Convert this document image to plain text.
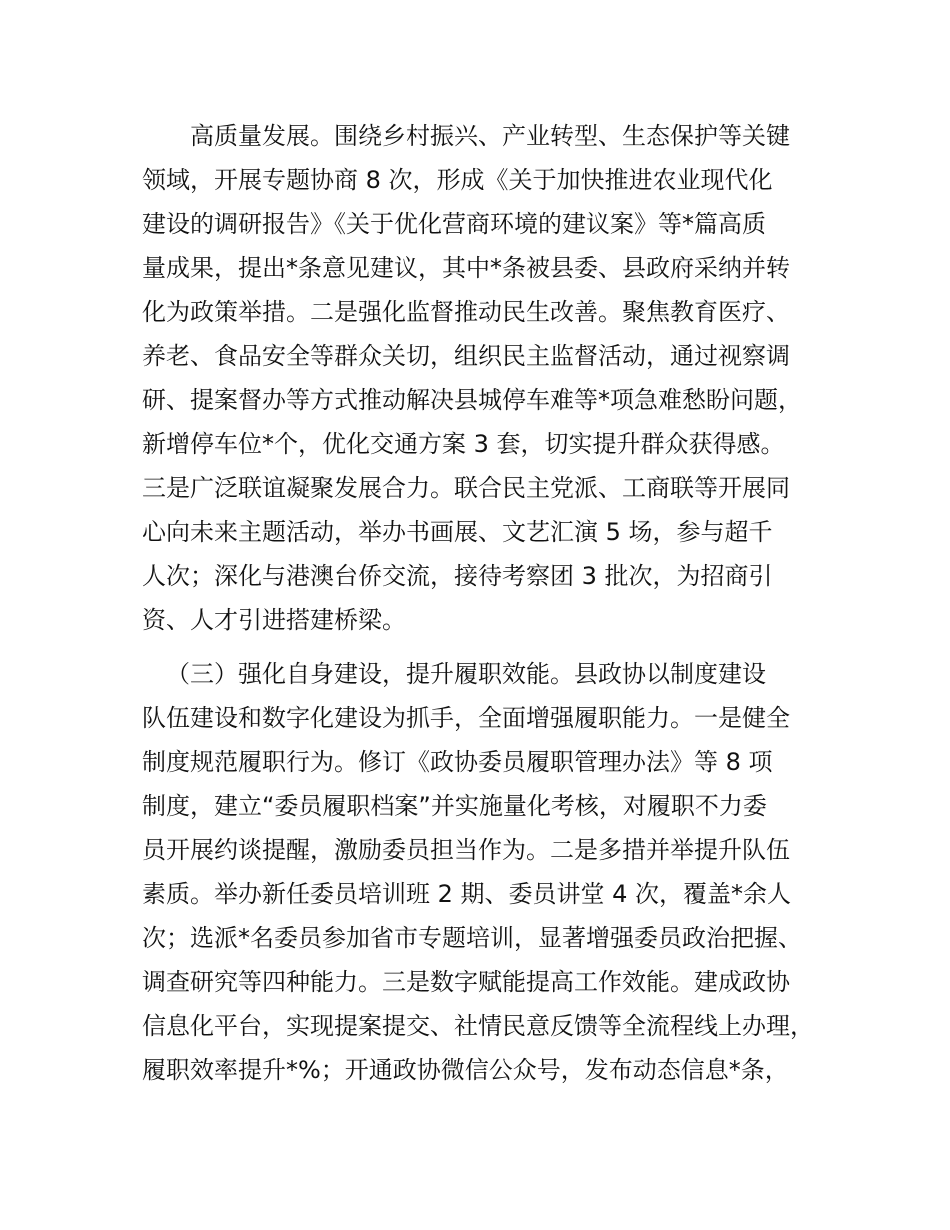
高质量发展。围绕乡村振兴、产业转型、生态保护等关键
领域，开展专题协商 8 次，形成《关于加快推进农业现代化
建设的调研报告》《关于优化营商环境的建议案》等*篇高质
量成果，提出*条意见建议，其中*条被县委、县政府采纳并转
化为政策举措。二是强化监督推动民生改善。聚焦教育医疗、
养老、食品安全等群众关切，组织民主监督活动，通过视察调
研、提案督办等方式推动解决县城停车难等*项急难愁盼问题，
新增停车位*个，优化交通方案 3 套，切实提升群众获得感。
三是广泛联谊凝聚发展合力。联合民主党派、工商联等开展同
心向未来主题活动，举办书画展、文艺汇演 5 场，参与超千
人次；深化与港澳台侨交流，接待考察团 3 批次，为招商引
资、人才引进搭建桥梁。
（三）强化自身建设，提升履职效能。县政协以制度建设
队伍建设和数字化建设为抓手，全面增强履职能力。一是健全
制度规范履职行为。修订《政协委员履职管理办法》等 8 项
制度，建立“委员履职档案”并实施量化考核，对履职不力委
员开展约谈提醒，激励委员担当作为。二是多措并举提升队伍
素质。举办新任委员培训班 2 期、委员讲堂 4 次，覆盖*余人
次；选派*名委员参加省市专题培训，显著增强委员政治把握、
调查研究等四种能力。三是数字赋能提高工作效能。建成政协
信息化平台，实现提案提交、社情民意反馈等全流程线上办理，
履职效率提升*%；开通政协微信公众号，发布动态信息*条，
